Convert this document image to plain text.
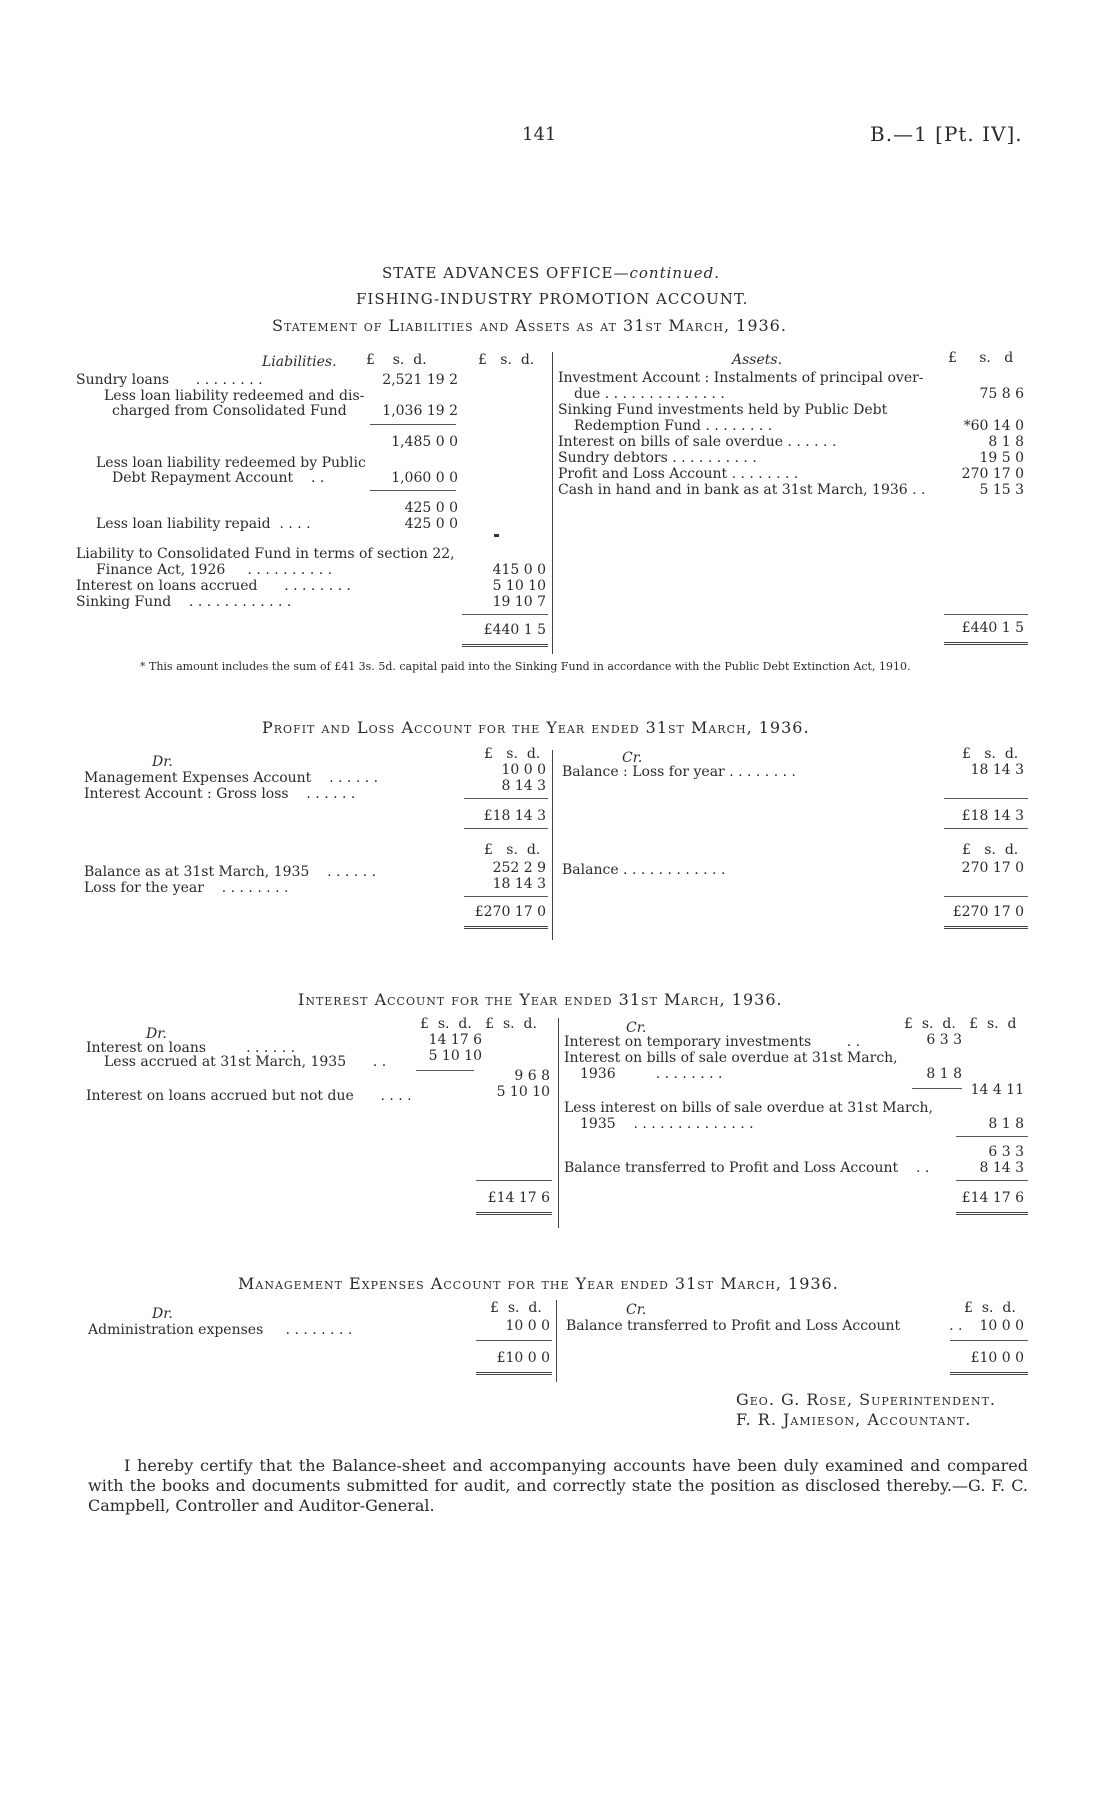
141	B.—1 [Pt. IV].
STATE ADVANCES OFFICE—continued.
FISHING-INDUSTRY PROMOTION ACCOUNT.
Statement of Liabilities and Assets as at 31st March, 1936.
Liabilities. £ s. d.	£ s. d.
Sundry loans . . . . . . . .	2,521 19 2
Less loan liability redeemed and dis-
charged from Consolidated Fund	1,036 19 2
1,485 0 0
Less loan liability redeemed by Public
Debt Repayment Account . .	1,060 0 0
425 0 0
Less loan liability repaid . . . .	425 0 0
Liability to Consolidated Fund in terms of section 22,
Finance Act, 1926 . . . . . . . . . .	415 0 0
Interest on loans accrued . . . . . . . .	5 10 10
Sinking Fund . . . . . . . . . . . .	19 10 7
£440 1 5
Assets.	£ s. d
Investment Account : Instalments of principal over-
due . . . . . . . . . . . . . .	75 8 6
Sinking Fund investments held by Public Debt
Redemption Fund . . . . . . . .	*60 14 0
Interest on bills of sale overdue . . . . . .	8 1 8
Sundry debtors . . . . . . . . . .	19 5 0
Profit and Loss Account . . . . . . . .	270 17 0
Cash in hand and in bank as at 31st March, 1936 . .	5 15 3
£440 1 5
* This amount includes the sum of £41 3s. 5d. capital paid into the Sinking Fund in accordance with the Public Debt Extinction Act, 1910.
Profit and Loss Account for the Year ended 31st March, 1936.
Dr.	£ s. d.
Management Expenses Account . . . . . .	10 0 0
Interest Account : Gross loss . . . . . .	8 14 3
£18 14 3
Cr.	£ s. d.
Balance : Loss for year . . . . . . . .	18 14 3
£18 14 3
£ s. d.
Balance as at 31st March, 1935 . . . . . .	252 2 9
Loss for the year . . . . . . . .	18 14 3
£270 17 0
£ s. d.
Balance . . . . . . . . . . . .	270 17 0
£270 17 0
Interest Account for the Year ended 31st March, 1936.
Dr.
£ s. d. £ s. d.
Interest on loans	. . . . . .	14 17 6
Less accrued at 31st March, 1935 . .	5 10 10
9 6 8
Interest on loans accrued but not due . . . .	5 10 10
£14 17 6
Cr.	£ s. d. £ s. d
Interest on temporary investments	. .	6 3 3
Interest on bills of sale overdue at 31st March,
1936	. . . . . . . .	8 1 8
14 4 11
Less interest on bills of sale overdue at 31st March,
1935 . . . . . . . . . . . . . .	8 1 8
6 3 3
Balance transferred to Profit and Loss Account . .	8 14 3
£14 17 6
Management Expenses Account for the Year ended 31st March, 1936.
Dr.	£ s. d.
Administration expenses . . . . . . . .	10 0 0
£10 0 0
Cr.	£ s. d.
Balance transferred to Profit and Loss Account	. .	10 0 0
£10 0 0
Geo. G. Rose, Superintendent.
F. R. Jamieson, Accountant.
I hereby certify that the Balance-sheet and accompanying accounts have been duly examined and compared with the books and documents submitted for audit, and correctly state the position as disclosed thereby.—G. F. C. Campbell, Controller and Auditor-General.
